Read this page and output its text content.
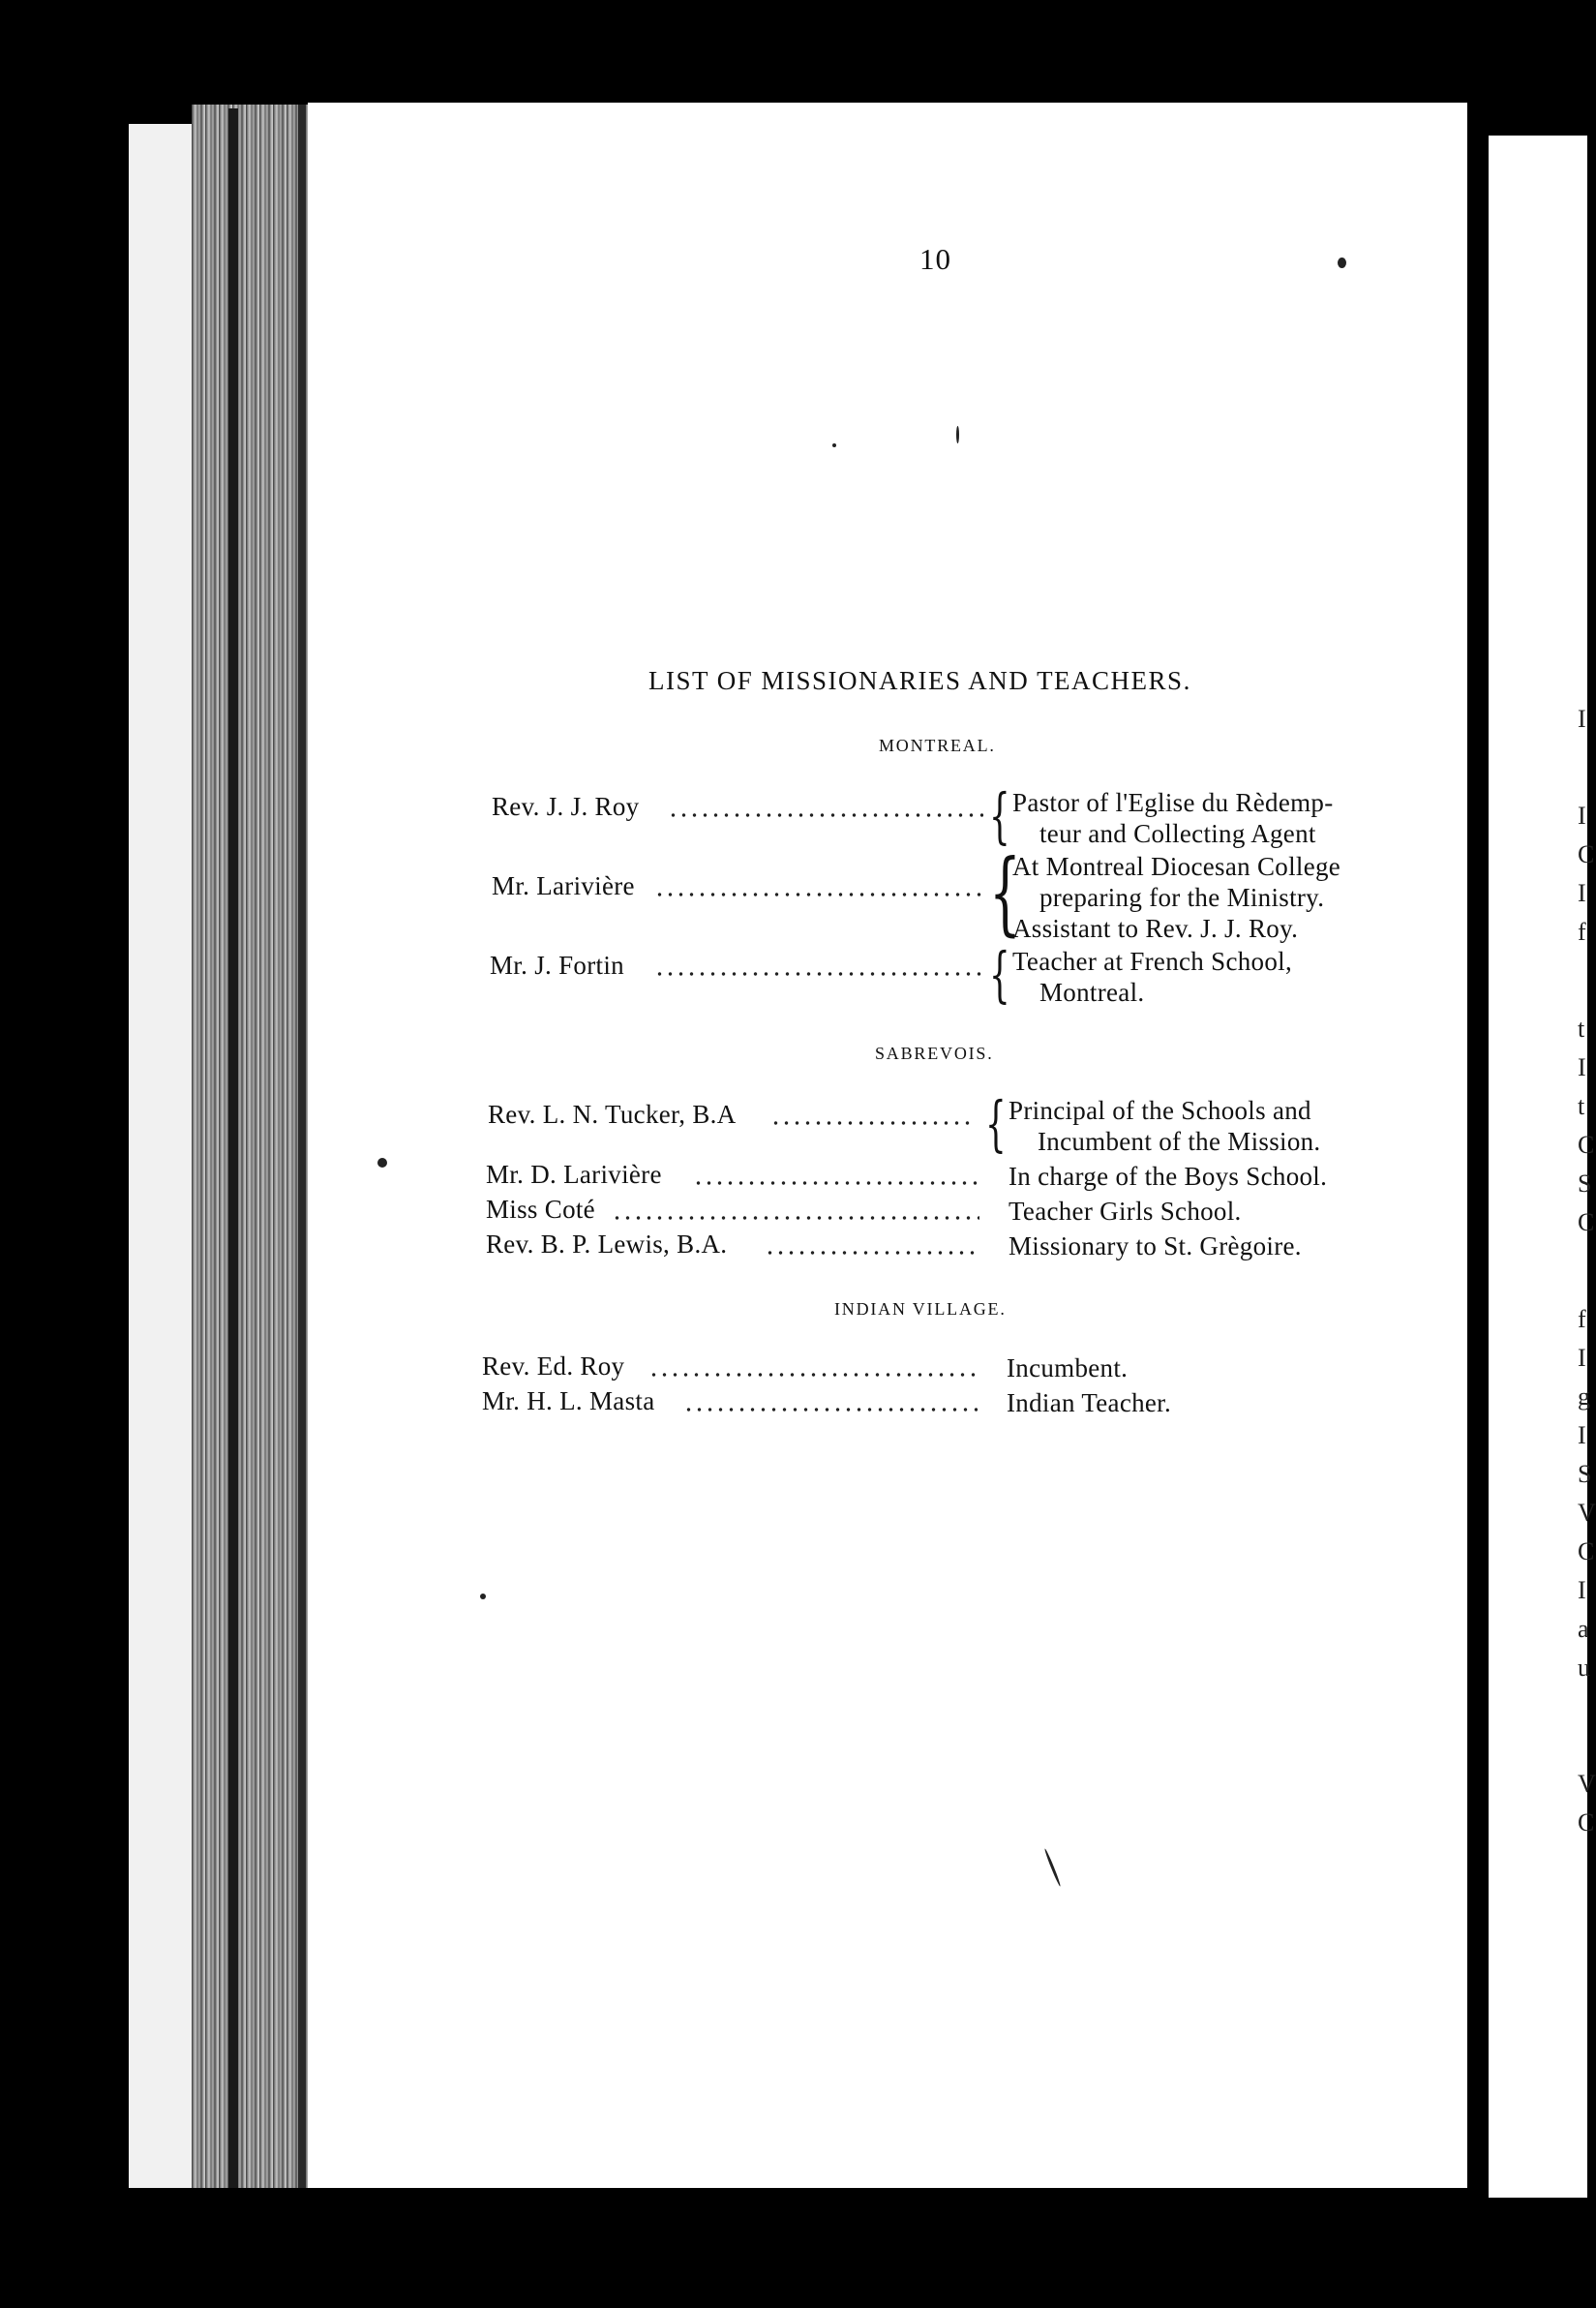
I
I
C
I
f
t
I
t
C
S
C
f
I
g
I
S
V
C
I
a
u
V
C
10
LIST OF MISSIONARIES AND TEACHERS.
MONTREAL.
Rev. J. J. Roy	{ Pastor of l'Eglise du Rèdemp-
teur and Collecting Agent
Mr. Larivière	{
At Montreal Diocesan College
preparing for the Ministry.
Assistant to Rev. J. J. Roy.
Mr. J. Fortin	{ Teacher at French School,
Montreal.
SABREVOIS.
Rev. L. N. Tucker, B.A	{ Principal of the Schools and
Incumbent of the Mission.
Mr. D. Larivière	In charge of the Boys School.
Miss Coté	Teacher Girls School.
Rev. B. P. Lewis, B.A.	Missionary to St. Grègoire.
INDIAN VILLAGE.
Rev. Ed. Roy	Incumbent.
Mr. H. L. Masta	Indian Teacher.
